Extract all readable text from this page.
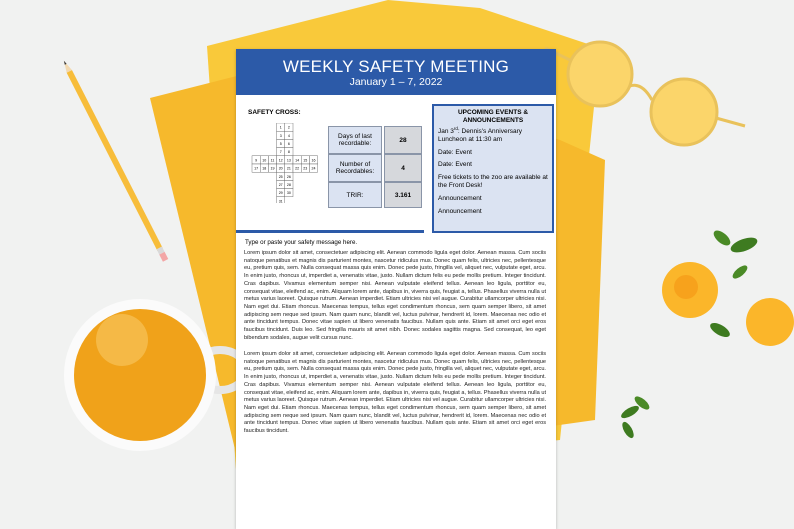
WEEKLY SAFETY MEETING
January 1 – 7, 2022
SAFETY CROSS:
1 2
3 4
5 6
7 8
9 10 11 12 13 14 15 16
17 18 19 20 21 22 23 24
25 26
27 28
29 30
31
Days of last recordable:	28
Number of Recordables:	4
TRIR:	3.161
UPCOMING EVENTS &
ANNOUNCEMENTS
Jan 3rd: Dennis's Anniversary
Luncheon at 11:30 am
Date: Event
Date: Event
Free tickets to the zoo are available at
the Front Desk!
Announcement
Announcement
Type or paste your safety message here.

Lorem ipsum dolor sit amet, consectetuer adipiscing elit. Aenean commodo ligula eget dolor. Aenean massa. Cum sociis natoque penatibus et magnis dis parturient montes, nascetur ridiculus mus. Donec quam felis, ultricies nec, pellentesque eu, pretium quis, sem. Nulla consequat massa quis enim. Donec pede justo, fringilla vel, aliquet nec, vulputate eget, arcu. In enim justo, rhoncus ut, imperdiet a, venenatis vitae, justo. Nullam dictum felis eu pede mollis pretium. Integer tincidunt. Cras dapibus. Vivamus elementum semper nisi. Aenean vulputate eleifend tellus. Aenean leo ligula, porttitor eu, consequat vitae, eleifend ac, enim. Aliquam lorem ante, dapibus in, viverra quis, feugiat a, tellus. Phasellus viverra nulla ut metus varius laoreet. Quisque rutrum. Aenean imperdiet. Etiam ultricies nisi vel augue. Curabitur ullamcorper ultricies nisi. Nam eget dui. Etiam rhoncus. Maecenas tempus, tellus eget condimentum rhoncus, sem quam semper libero, sit amet adipiscing sem neque sed ipsum. Nam quam nunc, blandit vel, luctus pulvinar, hendrerit id, lorem. Maecenas nec odio et ante tincidunt tempus. Donec vitae sapien ut libero venenatis faucibus. Nullam quis ante. Etiam sit amet orci eget eros faucibus tincidunt. Duis leo. Sed fringilla mauris sit amet nibh. Donec sodales sagittis magna. Sed consequat, leo eget bibendum sodales, augue velit cursus nunc.

Lorem ipsum dolor sit amet, consectetuer adipiscing elit. Aenean commodo ligula eget dolor. Aenean massa. Cum sociis natoque penatibus et magnis dis parturient montes, nascetur ridiculus mus. Donec quam felis, ultricies nec, pellentesque eu, pretium quis, sem. Nulla consequat massa quis enim. Donec pede justo, fringilla vel, aliquet nec, vulputate eget, arcu. In enim justo, rhoncus ut, imperdiet a, venenatis vitae, justo. Nullam dictum felis eu pede mollis pretium. Integer tincidunt. Cras dapibus. Vivamus elementum semper nisi. Aenean vulputate eleifend tellus. Aenean leo ligula, porttitor eu, consequat vitae, eleifend ac, enim. Aliquam lorem ante, dapibus in, viverra quis, feugiat a, tellus. Phasellus viverra nulla ut metus varius laoreet. Quisque rutrum. Aenean imperdiet. Etiam ultricies nisi vel augue. Curabitur ullamcorper ultricies nisi. Nam eget dui. Etiam rhoncus. Maecenas tempus, tellus eget condimentum rhoncus, sem quam semper libero, sit amet adipiscing sem neque sed ipsum. Nam quam nunc, blandit vel, luctus pulvinar, hendrerit id, lorem. Maecenas nec odio et ante tincidunt tempus. Donec vitae sapien ut libero venenatis faucibus. Nullam quis ante. Etiam sit amet orci eget eros faucibus tincidunt.
